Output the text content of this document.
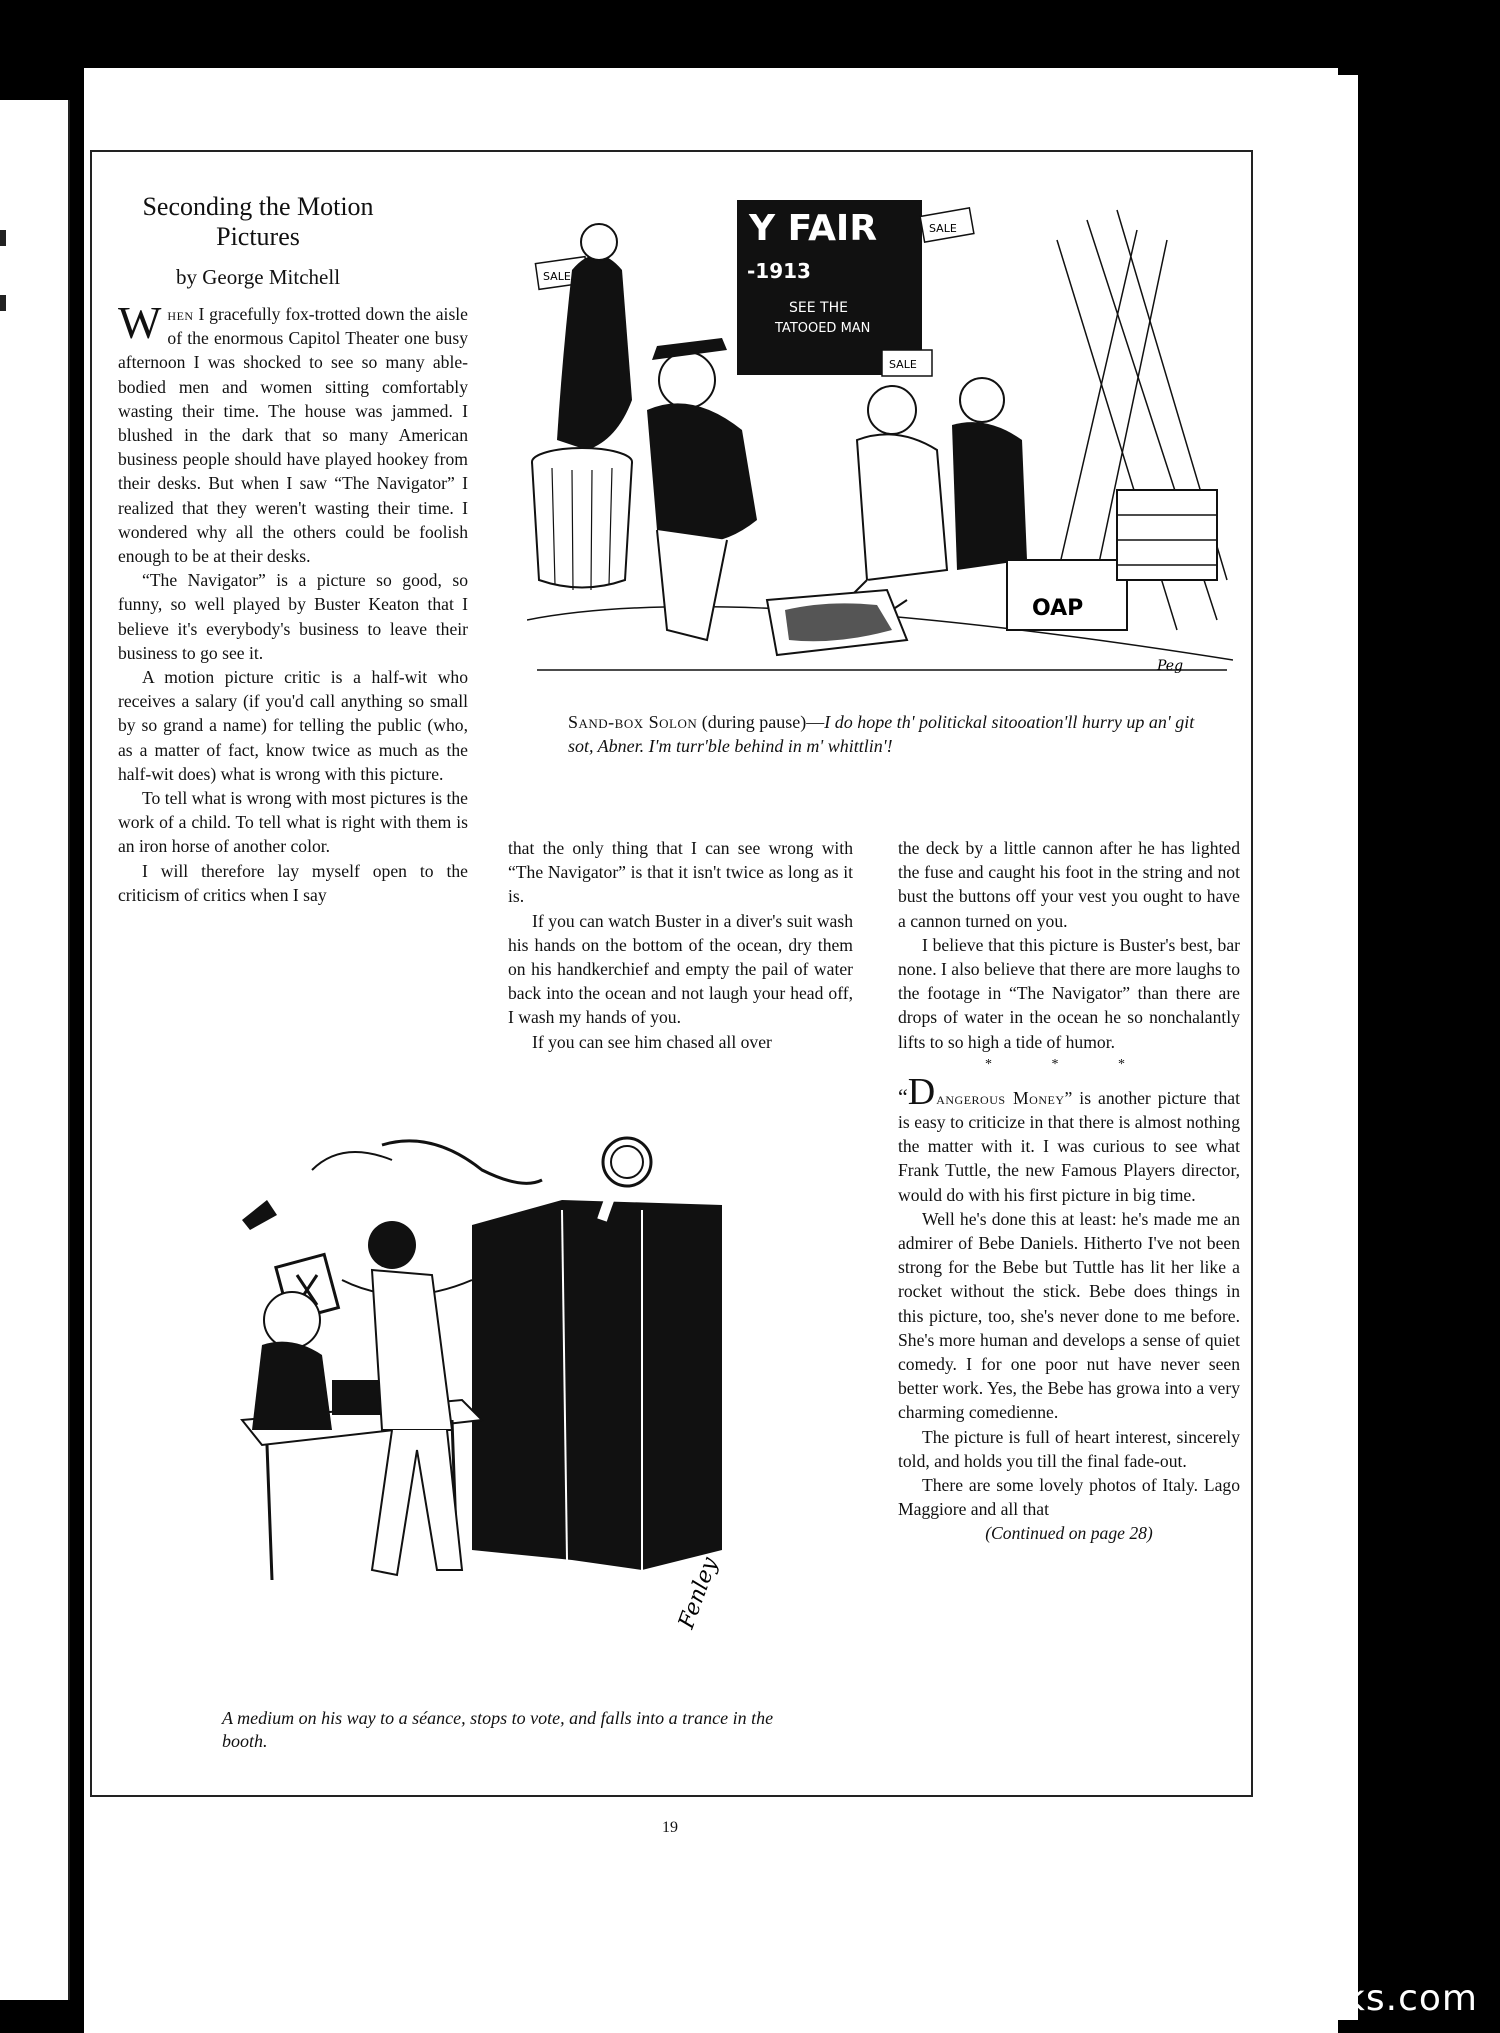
Seconding the Motion Pictures
by George Mitchell

When I gracefully fox-trotted down the aisle of the enormous Capitol Theater one busy afternoon I was shocked to see so many able-bodied men and women sitting comfortably wasting their time. The house was jammed. I blushed in the dark that so many American business people should have played hookey from their desks. But when I saw “The Navigator” I realized that they weren't wasting their time. I wondered why all the others could be foolish enough to be at their desks.

“The Navigator” is a picture so good, so funny, so well played by Buster Keaton that I believe it's everybody's business to leave their business to go see it.

A motion picture critic is a half-wit who receives a salary (if you'd call anything so small by so grand a name) for telling the public (who, as a matter of fact, know twice as much as the half-wit does) what is wrong with this picture.

To tell what is wrong with most pictures is the work of a child. To tell what is right with them is an iron horse of another color.

I will therefore lay myself open to the criticism of critics when I say

that the only thing that I can see wrong with “The Navigator” is that it isn't twice as long as it is.

If you can watch Buster in a diver's suit wash his hands on the bottom of the ocean, dry them on his handkerchief and empty the pail of water back into the ocean and not laugh your head off, I wash my hands of you.

If you can see him chased all over

the deck by a little cannon after he has lighted the fuse and caught his foot in the string and not bust the buttons off your vest you ought to have a cannon turned on you.

I believe that this picture is Buster's best, bar none. I also believe that there are more laughs to the footage in “The Navigator” than there are drops of water in the ocean he so nonchalantly lifts to so high a tide of humor.

* * *

“Dangerous Money” is another picture that is easy to criticize in that there is almost nothing the matter with it. I was curious to see what Frank Tuttle, the new Famous Players director, would do with his first picture in big time.

Well he's done this at least: he's made me an admirer of Bebe Daniels. Hitherto I've not been strong for the Bebe but Tuttle has lit her like a rocket without the stick. Bebe does things in this picture, too, she's never done to me before. She's more human and develops a sense of quiet comedy. I for one poor nut have never seen better work. Yes, the Bebe has growa into a very charming comedienne.

The picture is full of heart interest, sincerely told, and holds you till the final fade-out.

There are some lovely photos of Italy. Lago Maggiore and all that

(Continued on page 28)

Y FAIR
-1913
SEE THE
TATOOED MAN
SALE
SALE
SALE
OAP
Peg
Sand-box Solon (during pause)—I do hope th' politickal sitooation'll hurry up an' git sot, Abner. I'm turr'ble behind in m' whittlin'!
Fenley
A medium on his way to a séance, stops to vote, and falls into a trance in the booth.
19
comicbooks.com
